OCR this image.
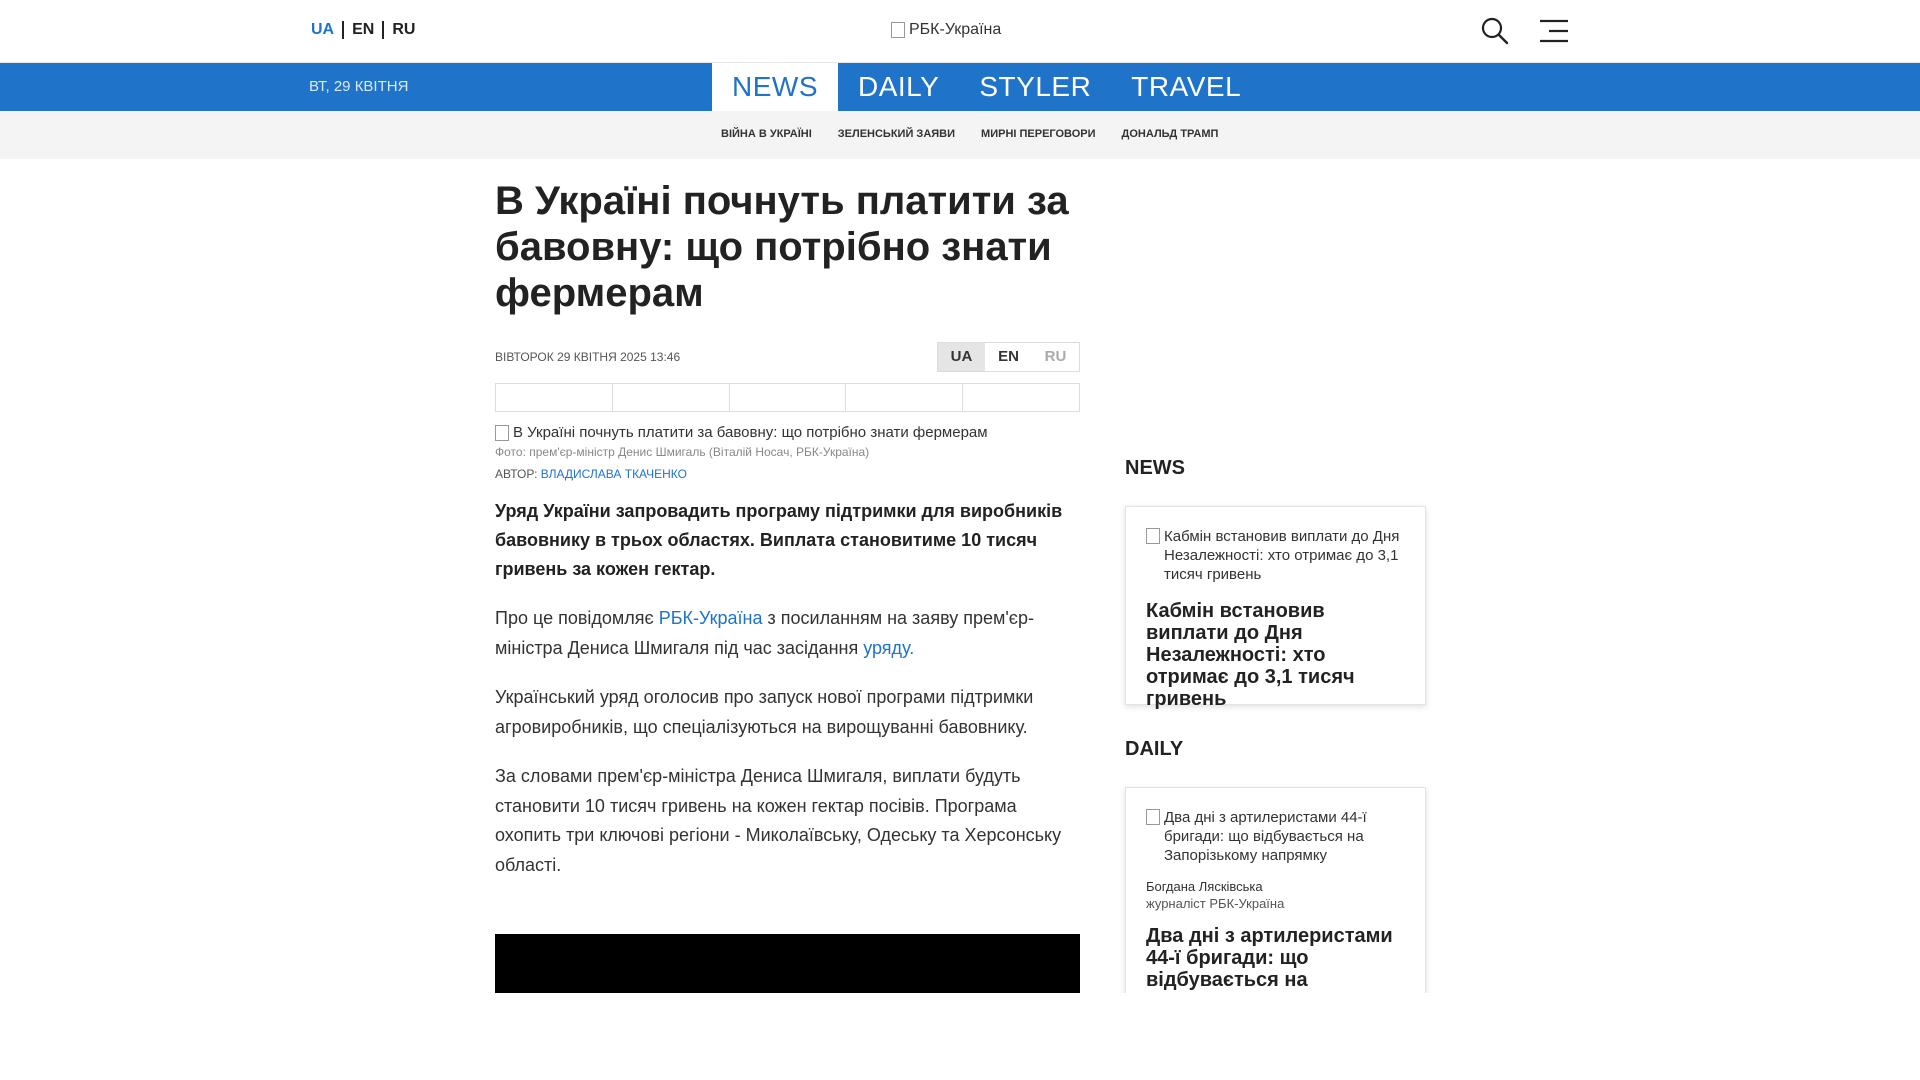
UA	EN	RU	РБК-Україна
ВТ, 29 КВІТНЯ	NEWS	DAILY	STYLER	TRAVEL
ВІЙНА В УКРАЇНІ ЗЕЛЕНСЬКИЙ ЗАЯВИ МИРНІ ПЕРЕГОВОРИ ДОНАЛЬД ТРАМП
В Україні почнуть платити за бавовну: що потрібно знати фермерам
ВІВТОРОК 29 КВІТНЯ 2025 13:46	UA	EN	RU
В Україні почнуть платити за бавовну: що потрібно знати фермерам
Фото: прем'єр-міністр Денис Шмигаль (Віталій Носач, РБК-Україна)
АВТОР: ВЛАДИСЛАВА ТКАЧЕНКО

Уряд України запровадить програму підтримки для виробників бавовнику в трьох областях. Виплата становитиме 10 тисяч гривень за кожен гектар.

Про це повідомляє РБК-Україна з посиланням на заяву прем'єр-міністра Дениса Шмигаля під час засідання уряду.

Український уряд оголосив про запуск нової програми підтримки агровиробників, що спеціалізуються на вирощуванні бавовнику.

За словами прем'єр-міністра Дениса Шмигаля, виплати будуть становити 10 тисяч гривень на кожен гектар посівів. Програма охопить три ключові регіони - Миколаївську, Одеську та Херсонську області.

NEWS
Кабмін встановив виплати до Дня Незалежності: хто отримає до 3,1 тисяч гривень
Кабмін встановив виплати до Дня Незалежності: хто отримає до 3,1 тисяч гривень
DAILY
Два дні з артилеристами 44-ї бригади: що відбувається на Запорізькому напрямку
Богдана Лясківська
журналіст РБК-Україна
Два дні з артилеристами 44-ї бригади: що відбувається на
